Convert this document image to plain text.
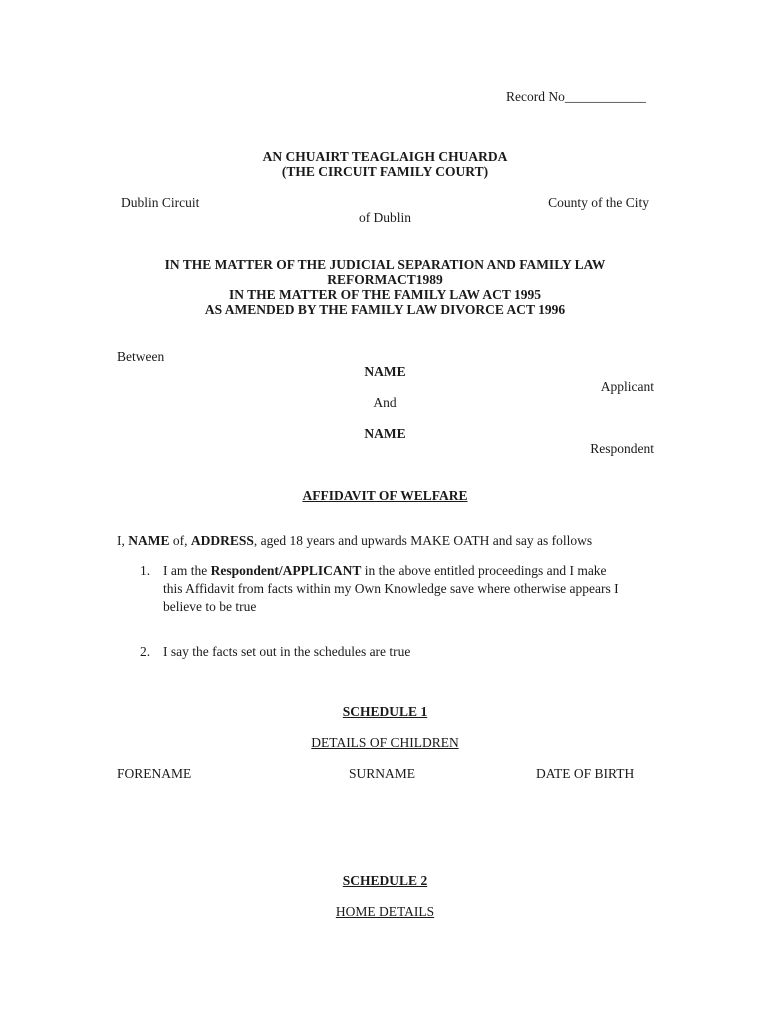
Record No____________
AN CHUAIRT TEAGLAIGH CHUARDA
(THE CIRCUIT FAMILY COURT)
Dublin Circuit	County of the City
of Dublin
IN THE MATTER OF THE JUDICIAL SEPARATION AND FAMILY LAW
REFORMACT1989
IN THE MATTER OF THE FAMILY LAW ACT 1995
AS AMENDED BY THE FAMILY LAW DIVORCE ACT 1996
Between
NAME
Applicant
And
NAME
Respondent
AFFIDAVIT OF WELFARE
I, NAME of, ADDRESS, aged 18 years and upwards MAKE OATH and say as follows
1. I am the Respondent/APPLICANT in the above entitled proceedings and I make
this Affidavit from facts within my Own Knowledge save where otherwise appears I
believe to be true
2. I say the facts set out in the schedules are true
SCHEDULE 1
DETAILS OF CHILDREN
FORENAME	SURNAME	DATE OF BIRTH
SCHEDULE 2
HOME DETAILS
